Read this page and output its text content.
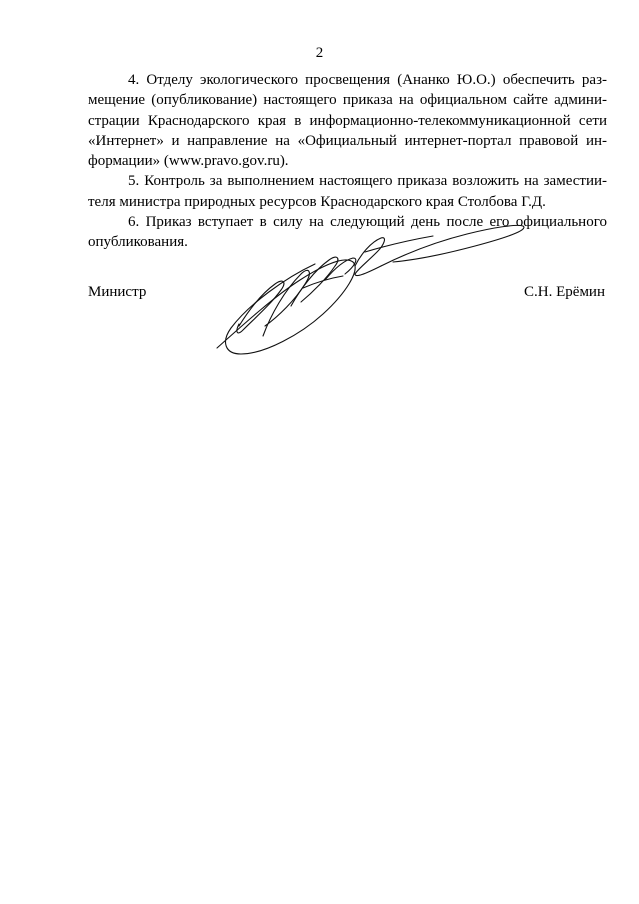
2
4. Отделу экологического просвещения (Ананко Ю.О.) обеспечить раз-
мещение (опубликование) настоящего приказа на официальном сайте админи-
страции Краснодарского края в информационно-телекоммуникационной сети
«Интернет» и направление на «Официальный интернет-портал правовой ин-
формации» (www.pravo.gov.ru).
5. Контроль за выполнением настоящего приказа возложить на заместии-
теля министра природных ресурсов Краснодарского края Столбова Г.Д.
6. Приказ вступает в силу на следующий день после его официального
опубликования.
Министр	С.Н. Ерёмин
